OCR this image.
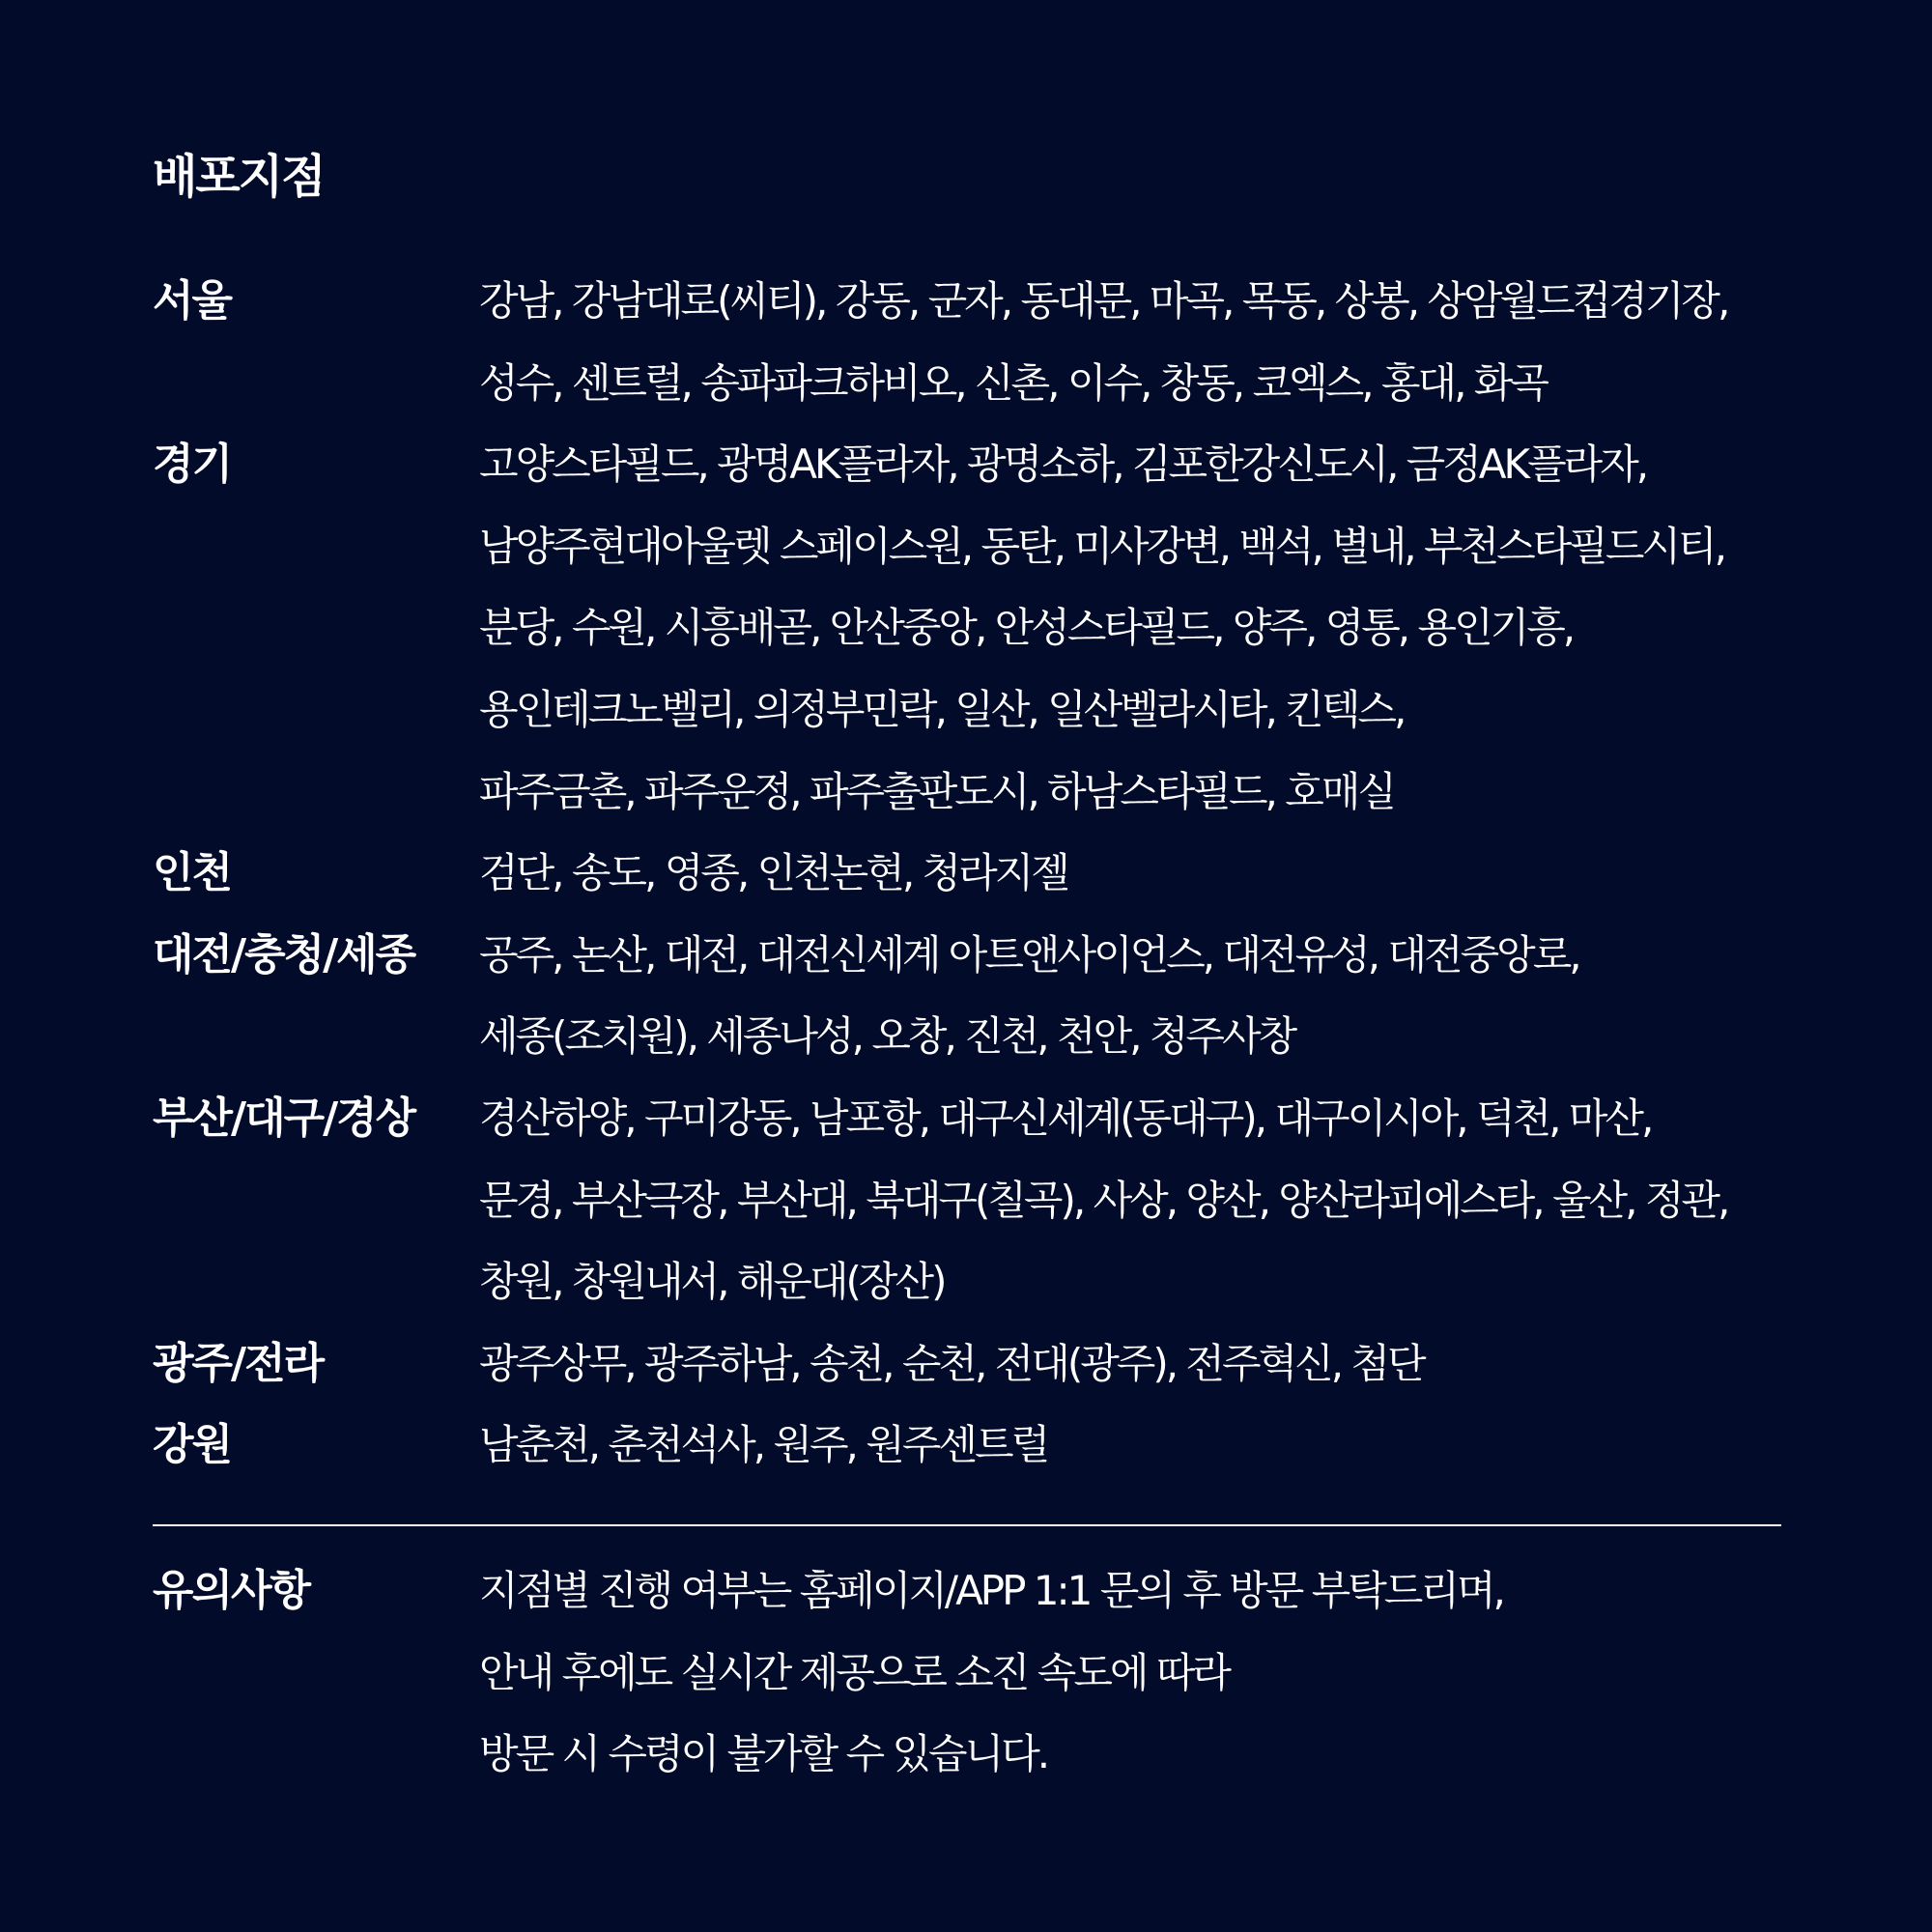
배포지점
서울	강남, 강남대로(씨티), 강동, 군자, 동대문, 마곡, 목동, 상봉, 상암월드컵경기장,
성수, 센트럴, 송파파크하비오, 신촌, 이수, 창동, 코엑스, 홍대, 화곡
경기	고양스타필드, 광명AK플라자, 광명소하, 김포한강신도시, 금정AK플라자,
남양주현대아울렛 스페이스원, 동탄, 미사강변, 백석, 별내, 부천스타필드시티,
분당, 수원, 시흥배곧, 안산중앙, 안성스타필드, 양주, 영통, 용인기흥,
용인테크노벨리, 의정부민락, 일산, 일산벨라시타, 킨텍스,
파주금촌, 파주운정, 파주출판도시, 하남스타필드, 호매실
인천	검단, 송도, 영종, 인천논현, 청라지젤
대전/충청/세종	공주, 논산, 대전, 대전신세계 아트앤사이언스, 대전유성, 대전중앙로,
세종(조치원), 세종나성, 오창, 진천, 천안, 청주사창
부산/대구/경상	경산하양, 구미강동, 남포항, 대구신세계(동대구), 대구이시아, 덕천, 마산,
문경, 부산극장, 부산대, 북대구(칠곡), 사상, 양산, 양산라피에스타, 울산, 정관,
창원, 창원내서, 해운대(장산)
광주/전라	광주상무, 광주하남, 송천, 순천, 전대(광주), 전주혁신, 첨단
강원	남춘천, 춘천석사, 원주, 원주센트럴
유의사항	지점별 진행 여부는 홈페이지/APP 1:1 문의 후 방문 부탁드리며,
안내 후에도 실시간 제공으로 소진 속도에 따라
방문 시 수령이 불가할 수 있습니다.
